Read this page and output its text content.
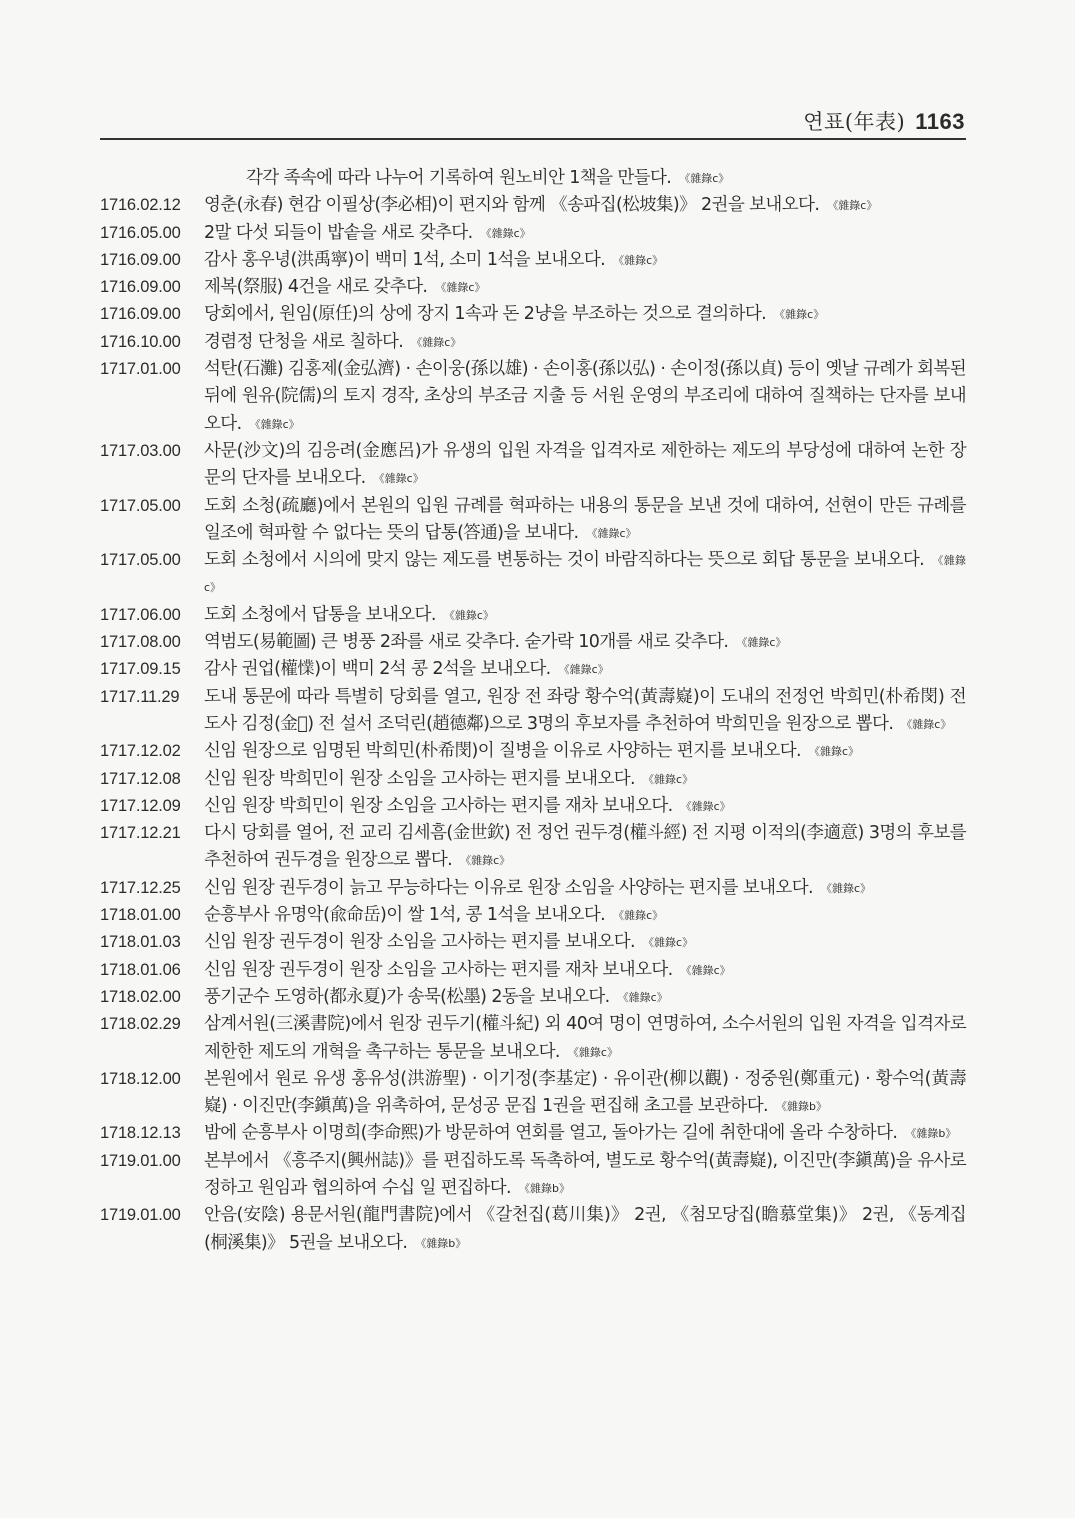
연표(年表) 1163
각각 족속에 따라 나누어 기록하여 원노비안 1책을 만들다. 《雜錄c》
1716.02.12	영춘(永春) 현감 이필상(李必相)이 편지와 함께 《송파집(松坡集)》 2권을 보내오다. 《雜錄c》
1716.05.00	2말 다섯 되들이 밥솥을 새로 갖추다. 《雜錄c》
1716.09.00	감사 홍우녕(洪禹寧)이 백미 1석, 소미 1석을 보내오다. 《雜錄c》
1716.09.00	제복(祭服) 4건을 새로 갖추다. 《雜錄c》
1716.09.00	당회에서, 원임(原任)의 상에 장지 1속과 돈 2냥을 부조하는 것으로 결의하다. 《雜錄c》
1716.10.00	경렴정 단청을 새로 칠하다. 《雜錄c》
1717.01.00	석탄(石灘) 김홍제(金弘濟) · 손이웅(孫以雄) · 손이홍(孫以弘) · 손이정(孫以貞) 등이 옛날 규례가 회복된 뒤에 원유(院儒)의 토지 경작, 초상의 부조금 지출 등 서원 운영의 부조리에 대하여 질책하는 단자를 보내오다. 《雜錄c》
1717.03.00	사문(沙文)의 김응려(金應呂)가 유생의 입원 자격을 입격자로 제한하는 제도의 부당성에 대하여 논한 장문의 단자를 보내오다. 《雜錄c》
1717.05.00	도회 소청(疏廳)에서 본원의 입원 규례를 혁파하는 내용의 통문을 보낸 것에 대하여, 선현이 만든 규례를 일조에 혁파할 수 없다는 뜻의 답통(答通)을 보내다. 《雜錄c》
1717.05.00	도회 소청에서 시의에 맞지 않는 제도를 변통하는 것이 바람직하다는 뜻으로 회답 통문을 보내오다. 《雜錄c》
1717.06.00	도회 소청에서 답통을 보내오다. 《雜錄c》
1717.08.00	역범도(易範圖) 큰 병풍 2좌를 새로 갖추다. 숟가락 10개를 새로 갖추다. 《雜錄c》
1717.09.15	감사 권업(權𢢜)이 백미 2석 콩 2석을 보내오다. 《雜錄c》
1717.11.29	도내 통문에 따라 특별히 당회를 열고, 원장 전 좌랑 황수억(黃壽嶷)이 도내의 전정언 박희민(朴希閔) 전 도사 김정(金𪼛) 전 설서 조덕린(趙德鄰)으로 3명의 후보자를 추천하여 박희민을 원장으로 뽑다. 《雜錄c》
1717.12.02	신임 원장으로 임명된 박희민(朴希閔)이 질병을 이유로 사양하는 편지를 보내오다. 《雜錄c》
1717.12.08	신임 원장 박희민이 원장 소임을 고사하는 편지를 보내오다. 《雜錄c》
1717.12.09	신임 원장 박희민이 원장 소임을 고사하는 편지를 재차 보내오다. 《雜錄c》
1717.12.21	다시 당회를 열어, 전 교리 김세흠(金世欽) 전 정언 권두경(權斗經) 전 지평 이적의(李適意) 3명의 후보를 추천하여 권두경을 원장으로 뽑다. 《雜錄c》
1717.12.25	신임 원장 권두경이 늙고 무능하다는 이유로 원장 소임을 사양하는 편지를 보내오다. 《雜錄c》
1718.01.00	순흥부사 유명악(兪命岳)이 쌀 1석, 콩 1석을 보내오다. 《雜錄c》
1718.01.03	신임 원장 권두경이 원장 소임을 고사하는 편지를 보내오다. 《雜錄c》
1718.01.06	신임 원장 권두경이 원장 소임을 고사하는 편지를 재차 보내오다. 《雜錄c》
1718.02.00	풍기군수 도영하(都永夏)가 송묵(松墨) 2동을 보내오다. 《雜錄c》
1718.02.29	삼계서원(三溪書院)에서 원장 권두기(權斗紀) 외 40여 명이 연명하여, 소수서원의 입원 자격을 입격자로 제한한 제도의 개혁을 촉구하는 통문을 보내오다. 《雜錄c》
1718.12.00	본원에서 원로 유생 홍유성(洪游聖) · 이기정(李基定) · 유이관(柳以觀) · 정중원(鄭重元) · 황수억(黃壽嶷) · 이진만(李鎭萬)을 위촉하여, 문성공 문집 1권을 편집해 초고를 보관하다. 《雜錄b》
1718.12.13	밤에 순흥부사 이명희(李命熙)가 방문하여 연회를 열고, 돌아가는 길에 취한대에 올라 수창하다. 《雜錄b》
1719.01.00	본부에서 《흥주지(興州誌)》를 편집하도록 독촉하여, 별도로 황수억(黃壽嶷), 이진만(李鎭萬)을 유사로 정하고 원임과 협의하여 수십 일 편집하다. 《雜錄b》
1719.01.00	안음(安陰) 용문서원(龍門書院)에서 《갈천집(葛川集)》 2권, 《첨모당집(瞻慕堂集)》 2권, 《동계집(桐溪集)》 5권을 보내오다. 《雜錄b》
